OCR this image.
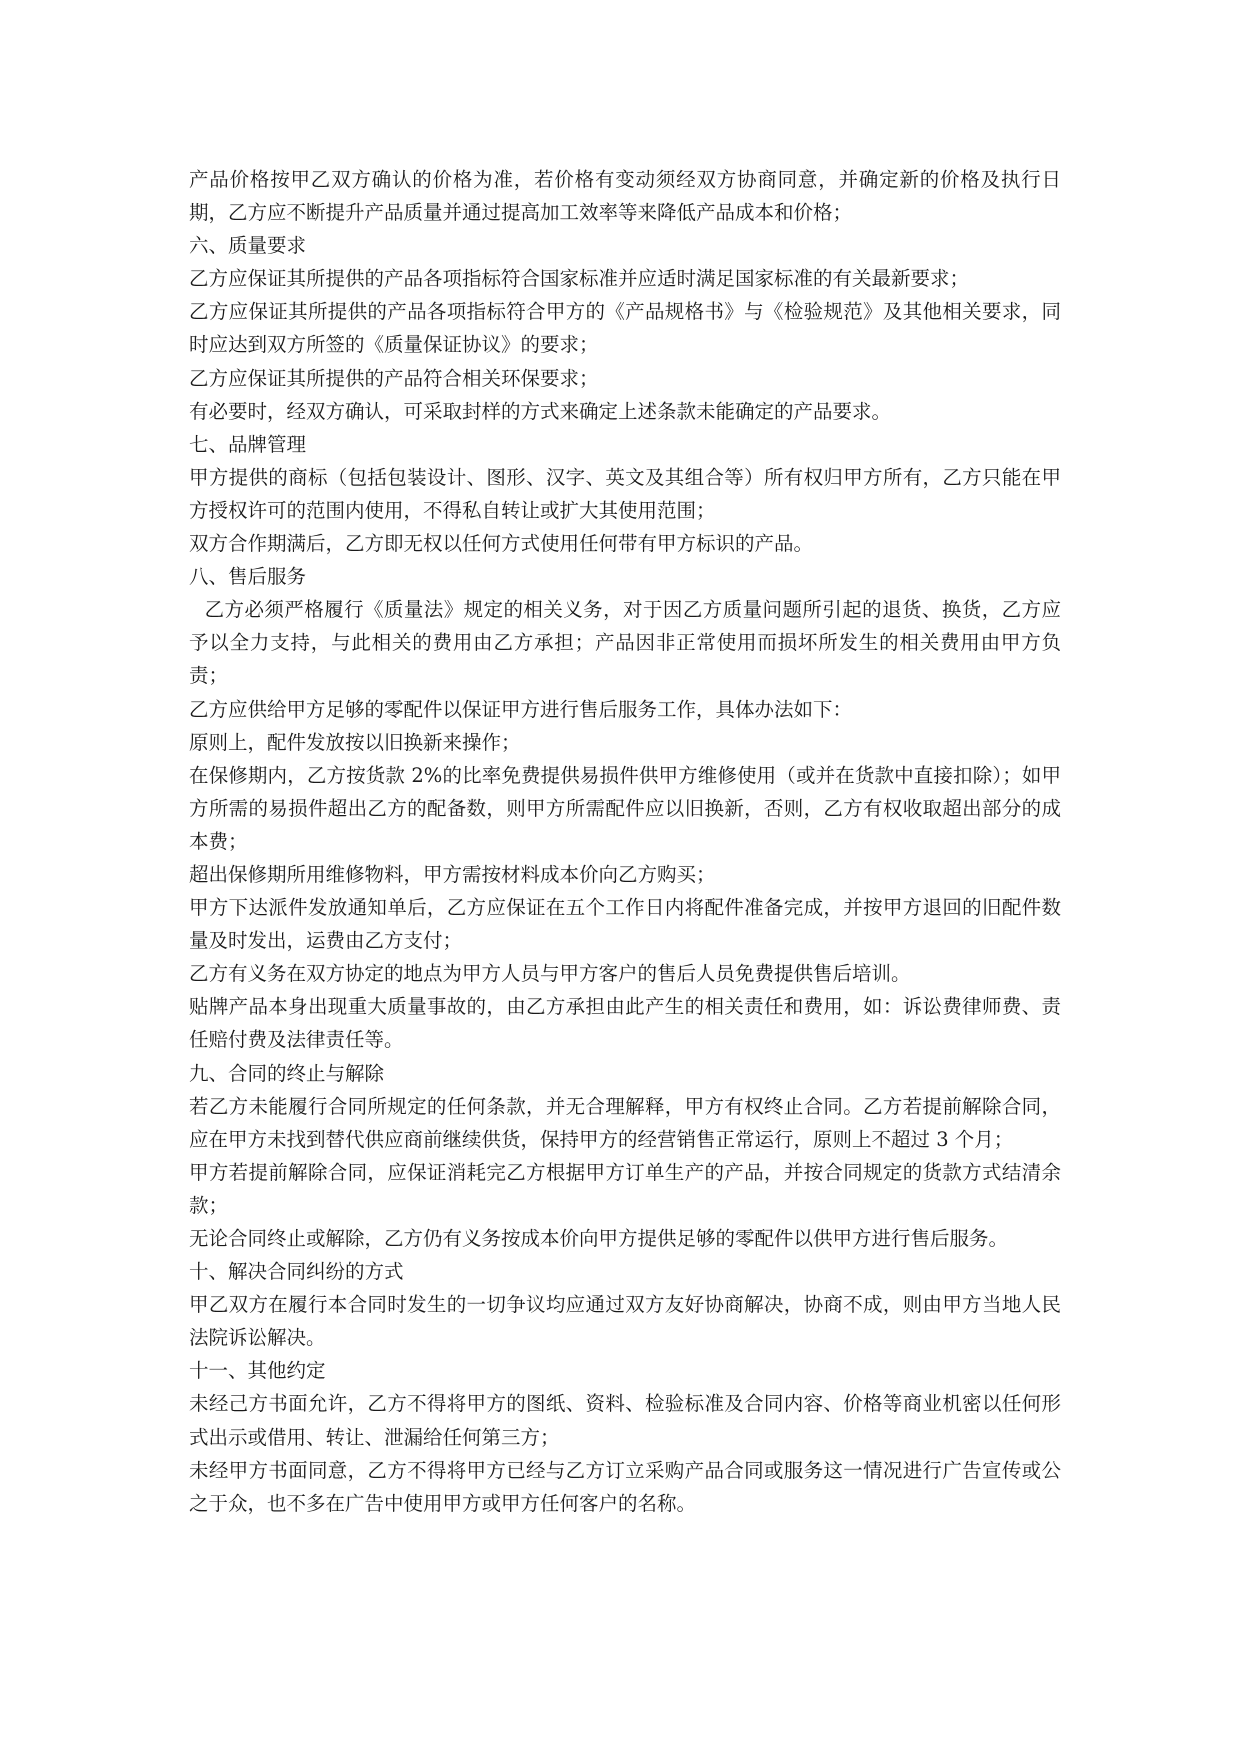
产品价格按甲乙双方确认的价格为准，若价格有变动须经双方协商同意，并确定新的价格及执行日期，乙方应不断提升产品质量并通过提高加工效率等来降低产品成本和价格；

六、质量要求

乙方应保证其所提供的产品各项指标符合国家标准并应适时满足国家标准的有关最新要求；

乙方应保证其所提供的产品各项指标符合甲方的《产品规格书》与《检验规范》及其他相关要求，同时应达到双方所签的《质量保证协议》的要求；

乙方应保证其所提供的产品符合相关环保要求；

有必要时，经双方确认，可采取封样的方式来确定上述条款未能确定的产品要求。

七、品牌管理

甲方提供的商标（包括包装设计、图形、汉字、英文及其组合等）所有权归甲方所有，乙方只能在甲方授权许可的范围内使用，不得私自转让或扩大其使用范围；

双方合作期满后，乙方即无权以任何方式使用任何带有甲方标识的产品。

八、售后服务

乙方必须严格履行《质量法》规定的相关义务，对于因乙方质量问题所引起的退货、换货，乙方应予以全力支持，与此相关的费用由乙方承担；产品因非正常使用而损坏所发生的相关费用由甲方负责；

乙方应供给甲方足够的零配件以保证甲方进行售后服务工作，具体办法如下：

原则上，配件发放按以旧换新来操作；

在保修期内，乙方按货款 2%的比率免费提供易损件供甲方维修使用（或并在货款中直接扣除）；如甲方所需的易损件超出乙方的配备数，则甲方所需配件应以旧换新，否则，乙方有权收取超出部分的成本费；

超出保修期所用维修物料，甲方需按材料成本价向乙方购买；

甲方下达派件发放通知单后，乙方应保证在五个工作日内将配件准备完成，并按甲方退回的旧配件数量及时发出，运费由乙方支付；

乙方有义务在双方协定的地点为甲方人员与甲方客户的售后人员免费提供售后培训。

贴牌产品本身出现重大质量事故的，由乙方承担由此产生的相关责任和费用，如：诉讼费律师费、责任赔付费及法律责任等。

九、合同的终止与解除

若乙方未能履行合同所规定的任何条款，并无合理解释，甲方有权终止合同。乙方若提前解除合同，应在甲方未找到替代供应商前继续供货，保持甲方的经营销售正常运行，原则上不超过 3 个月；

甲方若提前解除合同，应保证消耗完乙方根据甲方订单生产的产品，并按合同规定的货款方式结清余款；

无论合同终止或解除，乙方仍有义务按成本价向甲方提供足够的零配件以供甲方进行售后服务。

十、解决合同纠纷的方式

甲乙双方在履行本合同时发生的一切争议均应通过双方友好协商解决，协商不成，则由甲方当地人民法院诉讼解决。

十一、其他约定

未经己方书面允许，乙方不得将甲方的图纸、资料、检验标准及合同内容、价格等商业机密以任何形式出示或借用、转让、泄漏给任何第三方；

未经甲方书面同意，乙方不得将甲方已经与乙方订立采购产品合同或服务这一情况进行广告宣传或公之于众，也不多在广告中使用甲方或甲方任何客户的名称。
